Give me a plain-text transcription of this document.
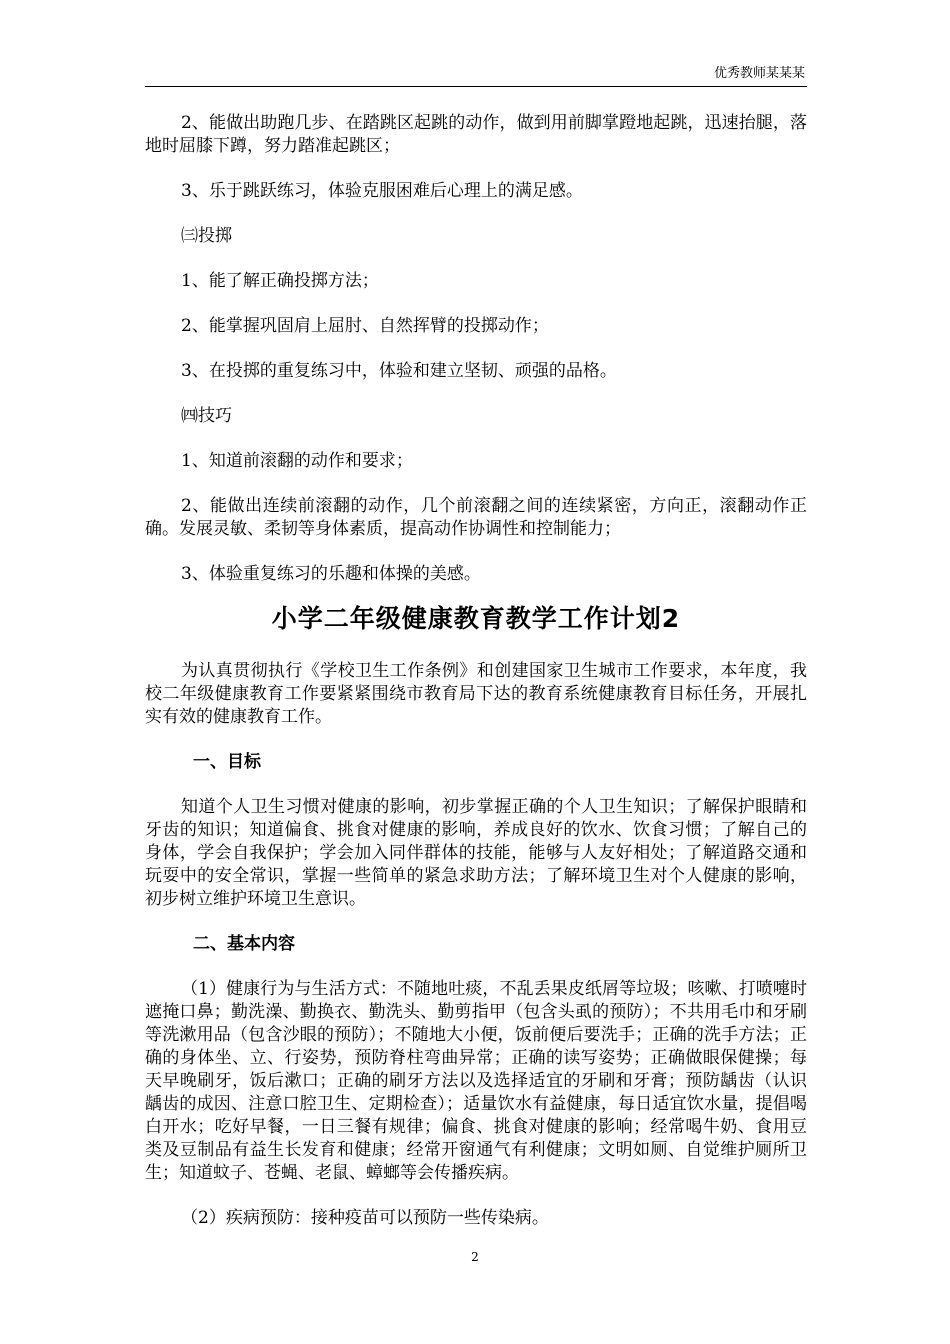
优秀教师某某某

2、能做出助跑几步、在踏跳区起跳的动作，做到用前脚掌蹬地起跳，迅速抬腿，落地时屈膝下蹲，努力踏准起跳区；

3、乐于跳跃练习，体验克服困难后心理上的满足感。

㈢投掷

1、能了解正确投掷方法；

2、能掌握巩固肩上屈肘、自然挥臂的投掷动作；

3、在投掷的重复练习中，体验和建立坚韧、顽强的品格。

㈣技巧

1、知道前滚翻的动作和要求；

2、能做出连续前滚翻的动作，几个前滚翻之间的连续紧密，方向正，滚翻动作正确。发展灵敏、柔韧等身体素质，提高动作协调性和控制能力；

3、体验重复练习的乐趣和体操的美感。

小学二年级健康教育教学工作计划2

为认真贯彻执行《学校卫生工作条例》和创建国家卫生城市工作要求，本年度，我校二年级健康教育工作要紧紧围绕市教育局下达的教育系统健康教育目标任务，开展扎实有效的健康教育工作。

一、目标

知道个人卫生习惯对健康的影响，初步掌握正确的个人卫生知识；了解保护眼睛和牙齿的知识；知道偏食、挑食对健康的影响，养成良好的饮水、饮食习惯；了解自己的身体，学会自我保护；学会加入同伴群体的技能，能够与人友好相处；了解道路交通和玩耍中的安全常识，掌握一些简单的紧急求助方法；了解环境卫生对个人健康的影响，初步树立维护环境卫生意识。

二、基本内容

（1）健康行为与生活方式：不随地吐痰，不乱丢果皮纸屑等垃圾；咳嗽、打喷嚏时遮掩口鼻；勤洗澡、勤换衣、勤洗头、勤剪指甲（包含头虱的预防）；不共用毛巾和牙刷等洗漱用品（包含沙眼的预防）；不随地大小便，饭前便后要洗手；正确的洗手方法；正确的身体坐、立、行姿势，预防脊柱弯曲异常；正确的读写姿势；正确做眼保健操；每天早晚刷牙，饭后漱口；正确的刷牙方法以及选择适宜的牙刷和牙膏；预防龋齿（认识龋齿的成因、注意口腔卫生、定期检查）；适量饮水有益健康，每日适宜饮水量，提倡喝白开水；吃好早餐，一日三餐有规律；偏食、挑食对健康的影响；经常喝牛奶、食用豆类及豆制品有益生长发育和健康；经常开窗通气有利健康；文明如厕、自觉维护厕所卫生；知道蚊子、苍蝇、老鼠、蟑螂等会传播疾病。

（2）疾病预防：接种疫苗可以预防一些传染病。

2
